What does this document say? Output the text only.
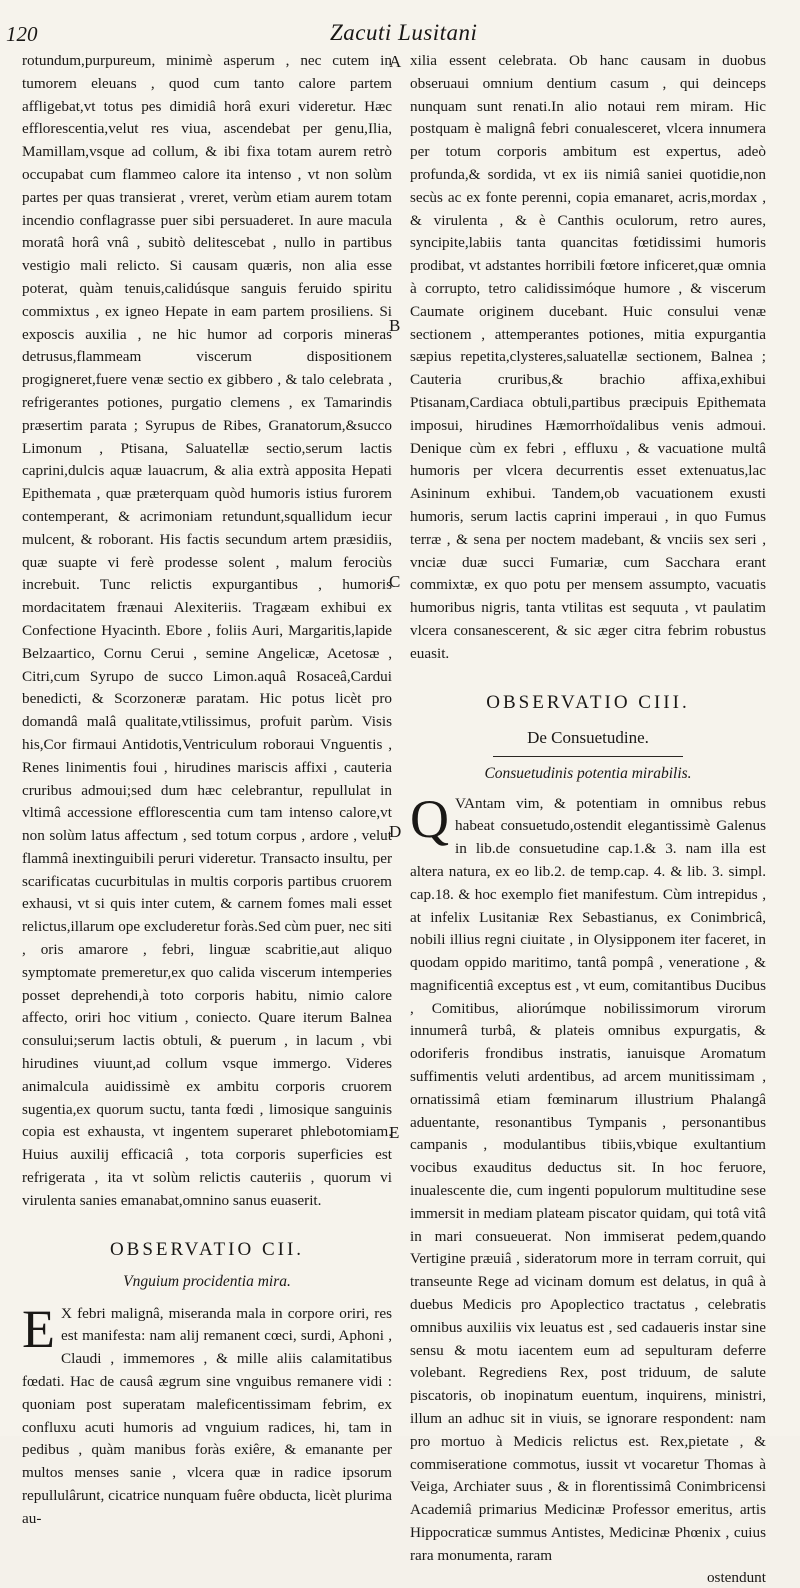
120	Zacuti Lusitani
A
B
C
D
E

rotundum,purpureum, minimè asperum , nec cutem in tumorem eleuans , quod cum tanto calore partem affligebat,vt totus pes dimidiâ horâ exuri videretur. Hæc efflorescentia,velut res viua, ascendebat per genu,Ilia, Mamillam,vsque ad collum, & ibi fixa totam aurem retrò occupabat cum flammeo calore ita intenso , vt non solùm partes per quas transierat , vreret, verùm etiam aurem totam incendio conflagrasse puer sibi persuaderet. In aure macula moratâ horâ vnâ , subitò delitescebat , nullo in partibus vestigio mali relicto. Si causam quæris, non alia esse poterat, quàm tenuis,calidúsque sanguis feruido spiritu commixtus , ex igneo Hepate in eam partem prosiliens. Si exposcis auxilia , ne hic humor ad corporis mineras detrusus,flammeam viscerum dispositionem progigneret,fuere venæ sectio ex gibbero , & talo celebrata , refrigerantes potiones, purgatio clemens , ex Tamarindis præsertim parata ; Syrupus de Ribes, Granatorum,&succo Limonum , Ptisana, Saluatellæ sectio,serum lactis caprini,dulcis aquæ lauacrum, & alia extrà apposita Hepati Epithemata , quæ præterquam quòd humoris istius furorem contemperant, & acrimoniam retundunt,squallidum iecur mulcent, & roborant. His factis secundum artem præsidiis, quæ suapte vi ferè prodesse solent , malum ferociùs increbuit. Tunc relictis expurgantibus , humoris mordacitatem frænaui Alexiteriis. Tragæam exhibui ex Confectione Hyacinth. Ebore , foliis Auri, Margaritis,lapide Belzaartico, Cornu Cerui , semine Angelicæ, Acetosæ , Citri,cum Syrupo de succo Limon.aquâ Rosaceâ,Cardui benedicti, & Scorzoneræ paratam. Hic potus licèt pro domandâ malâ qualitate,vtilissimus, profuit parùm. Visis his,Cor firmaui Antidotis,Ventriculum roboraui Vnguentis , Renes linimentis foui , hirudines mariscis affixi , cauteria cruribus admoui;sed dum hæc celebrantur, repullulat in vltimâ accessione efflorescentia cum tam intenso calore,vt non solùm latus affectum , sed totum corpus , ardore , velut flammâ inextinguibili peruri videretur. Transacto insultu, per scarificatas cucurbitulas in multis corporis partibus cruorem exhausi, vt si quis inter cutem, & carnem fomes mali esset relictus,illarum ope excluderetur foràs.Sed cùm puer, nec siti , oris amarore , febri, linguæ scabritie,aut aliquo symptomate premeretur,ex quo calida viscerum intemperies posset deprehendi,à toto corporis habitu, nimio calore affecto, oriri hoc vitium , coniecto. Quare iterum Balnea consului;serum lactis obtuli, & puerum , in lacum , vbi hirudines viuunt,ad collum vsque immergo. Videres animalcula auidissimè ex ambitu corporis cruorem sugentia,ex quorum suctu, tanta fœdi , limosique sanguinis copia est exhausta, vt ingentem superaret phlebotomiam. Huius auxilij efficaciâ , tota corporis superficies est refrigerata , ita vt solùm relictis cauteriis , quorum vi virulenta sanies emanabat,omnino sanus euaserit.

OBSERVATIO CII.

Vnguium procidentia mira.

E X febri malignâ, miseranda mala in corpore oriri, res est manifesta: nam alij remanent cœci, surdi, Aphoni , Claudi , immemores , & mille aliis calamitatibus fœdati. Hac de causâ ægrum sine vnguibus remanere vidi : quoniam post superatam maleficentissimam febrim, ex confluxu acuti humoris ad vnguium radices, hi, tam in pedibus , quàm manibus foràs exiêre, & emanante per multos menses sanie , vlcera quæ in radice ipsorum repullulârunt, cicatrice nunquam fuêre obducta, licèt plurima au-

xilia essent celebrata. Ob hanc causam in duobus obseruaui omnium dentium casum , qui deinceps nunquam sunt renati.In alio notaui rem miram. Hic postquam è malignâ febri conualesceret, vlcera innumera per totum corporis ambitum est expertus, adeò profunda,& sordida, vt ex iis nimiâ saniei quotidie,non secùs ac ex fonte perenni, copia emanaret, acris,mordax , & virulenta , & è Canthis oculorum, retro aures, syncipite,labiis tanta quancitas fœtidissimi humoris prodibat, vt adstantes horribili fœtore inficeret,quæ omnia à corrupto, tetro calidissimóque humore , & viscerum Caumate originem ducebant. Huic consului venæ sectionem , attemperantes potiones, mitia expurgantia sæpius repetita,clysteres,saluatellæ sectionem, Balnea ; Cauteria cruribus,& brachio affixa,exhibui Ptisanam,Cardiaca obtuli,partibus præcipuis Epithemata imposui, hirudines Hæmorrhoïdalibus venis admoui. Denique cùm ex febri , effluxu , & vacuatione multâ humoris per vlcera decurrentis esset extenuatus,lac Asininum exhibui. Tandem,ob vacuationem exusti humoris, serum lactis caprini imperaui , in quo Fumus terræ , & sena per noctem madebant, & vnciis sex seri , vnciæ duæ succi Fumariæ, cum Sacchara erant commixtæ, ex quo potu per mensem assumpto, vacuatis humoribus nigris, tanta vtilitas est sequuta , vt paulatim vlcera consanescerent, & sic æger citra febrim robustus euasit.

OBSERVATIO CIII.

De Consuetudine.

Consuetudinis potentia mirabilis.

Q VAntam vim, & potentiam in omnibus rebus habeat consuetudo,ostendit elegantissimè Galenus in lib.de consuetudine cap.1.& 3. nam illa est altera natura, ex eo lib.2. de temp.cap. 4. & lib. 3. simpl. cap.18. & hoc exemplo fiet manifestum. Cùm intrepidus , at infelix Lusitaniæ Rex Sebastianus, ex Conimbricâ, nobili illius regni ciuitate , in Olysipponem iter faceret, in quodam oppido maritimo, tantâ pompâ , veneratione , & magnificentiâ exceptus est , vt eum, comitantibus Ducibus , Comitibus, aliorúmque nobilissimorum virorum innumerâ turbâ, & plateis omnibus expurgatis, & odoriferis frondibus instratis, ianuisque Aromatum suffimentis veluti ardentibus, ad arcem munitissimam , ornatissimâ etiam fœminarum illustrium Phalangâ aduentante, resonantibus Tympanis , personantibus campanis , modulantibus tibiis,vbique exultantium vocibus exauditus deductus sit. In hoc feruore, inualescente die, cum ingenti populorum multitudine sese immersit in mediam plateam piscator quidam, qui totâ vitâ in mari consueuerat. Non immiserat pedem,quando Vertigine præuiâ , sideratorum more in terram corruit, qui transeunte Rege ad vicinam domum est delatus, in quâ à duebus Medicis pro Apoplectico tractatus , celebratis omnibus auxiliis vix leuatus est , sed cadaueris instar sine sensu & motu iacentem eum ad sepulturam deferre volebant. Regrediens Rex, post triduum, de salute piscatoris, ob inopinatum euentum, inquirens, ministri, illum an adhuc sit in viuis, se ignorare respondent: nam pro mortuo à Medicis relictus est. Rex,pietate , & commiseratione commotus, iussit vt vocaretur Thomas à Veiga, Archiater suus , & in florentissimâ Conimbricensi Academiâ primarius Medicinæ Professor emeritus, artis Hippocraticæ summus Antistes, Medicinæ Phœnix , cuius rara monumenta, raram

ostendunt
